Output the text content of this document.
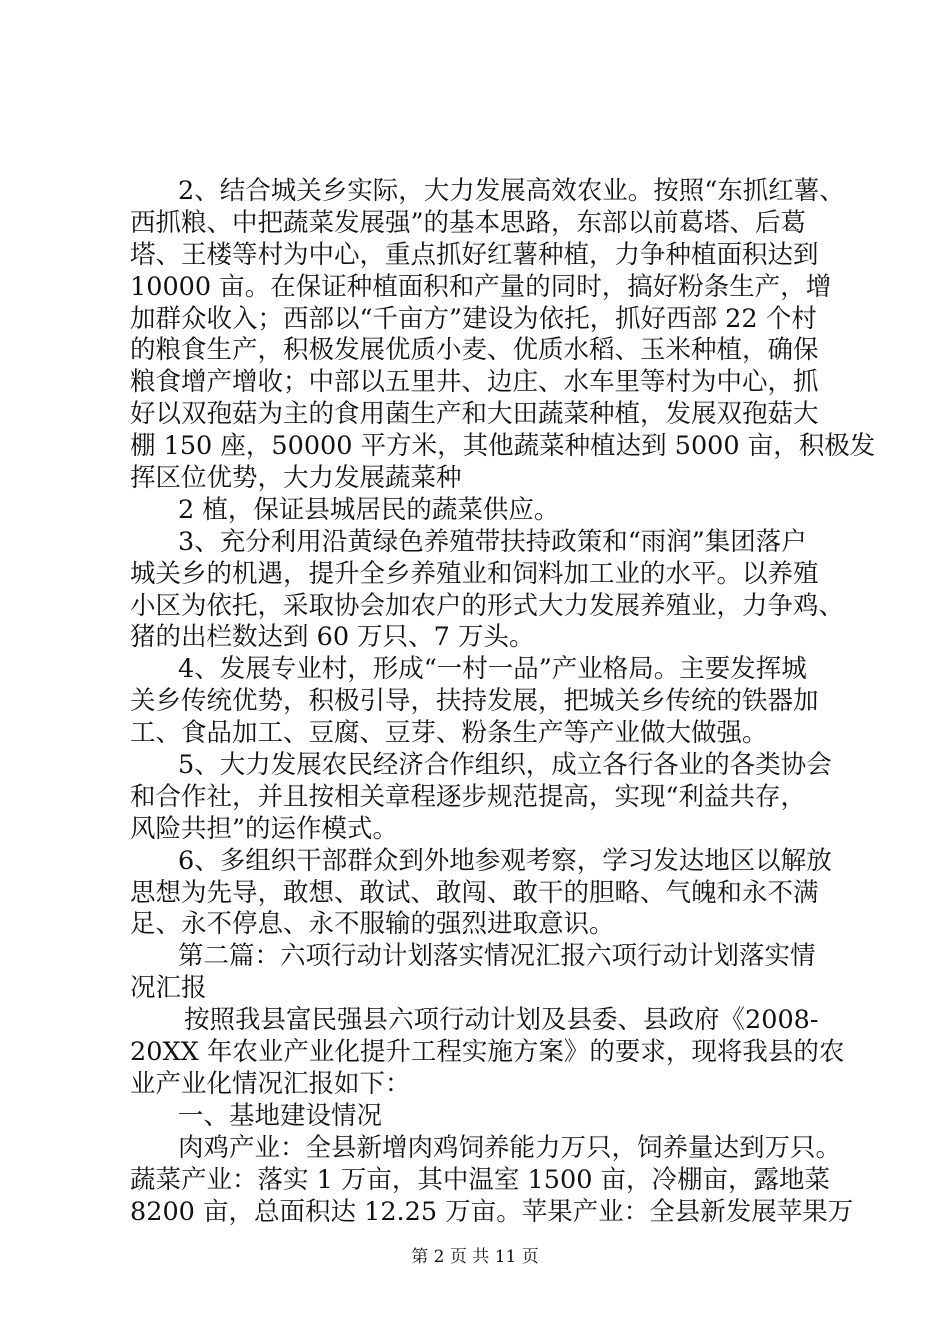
2、结合城关乡实际，大力发展高效农业。按照“东抓红薯、
西抓粮、中把蔬菜发展强”的基本思路，东部以前葛塔、后葛
塔、王楼等村为中心，重点抓好红薯种植，力争种植面积达到
10000 亩。在保证种植面积和产量的同时，搞好粉条生产，增
加群众收入；西部以“千亩方”建设为依托，抓好西部 22 个村
的粮食生产，积极发展优质小麦、优质水稻、玉米种植，确保
粮食增产增收；中部以五里井、边庄、水车里等村为中心，抓
好以双孢菇为主的食用菌生产和大田蔬菜种植，发展双孢菇大
棚 150 座，50000 平方米，其他蔬菜种植达到 5000 亩，积极发
挥区位优势，大力发展蔬菜种
2 植，保证县城居民的蔬菜供应。
3、充分利用沿黄绿色养殖带扶持政策和“雨润”集团落户
城关乡的机遇，提升全乡养殖业和饲料加工业的水平。以养殖
小区为依托，采取协会加农户的形式大力发展养殖业，力争鸡、
猪的出栏数达到 60 万只、7 万头。
4、发展专业村，形成“一村一品”产业格局。主要发挥城
关乡传统优势，积极引导，扶持发展，把城关乡传统的铁器加
工、食品加工、豆腐、豆芽、粉条生产等产业做大做强。
5、大力发展农民经济合作组织，成立各行各业的各类协会
和合作社，并且按相关章程逐步规范提高，实现“利益共存，
风险共担”的运作模式。
6、多组织干部群众到外地参观考察，学习发达地区以解放
思想为先导，敢想、敢试、敢闯、敢干的胆略、气魄和永不满
足、永不停息、永不服输的强烈进取意识。
第二篇：六项行动计划落实情况汇报六项行动计划落实情
况汇报
按照我县富民强县六项行动计划及县委、县政府《2008-
20XX 年农业产业化提升工程实施方案》的要求，现将我县的农
业产业化情况汇报如下：
一、基地建设情况
肉鸡产业：全县新增肉鸡饲养能力万只，饲养量达到万只。
蔬菜产业：落实 1 万亩，其中温室 1500 亩，冷棚亩，露地菜
8200 亩，总面积达 12.25 万亩。苹果产业：全县新发展苹果万
第 2 页 共 11 页
